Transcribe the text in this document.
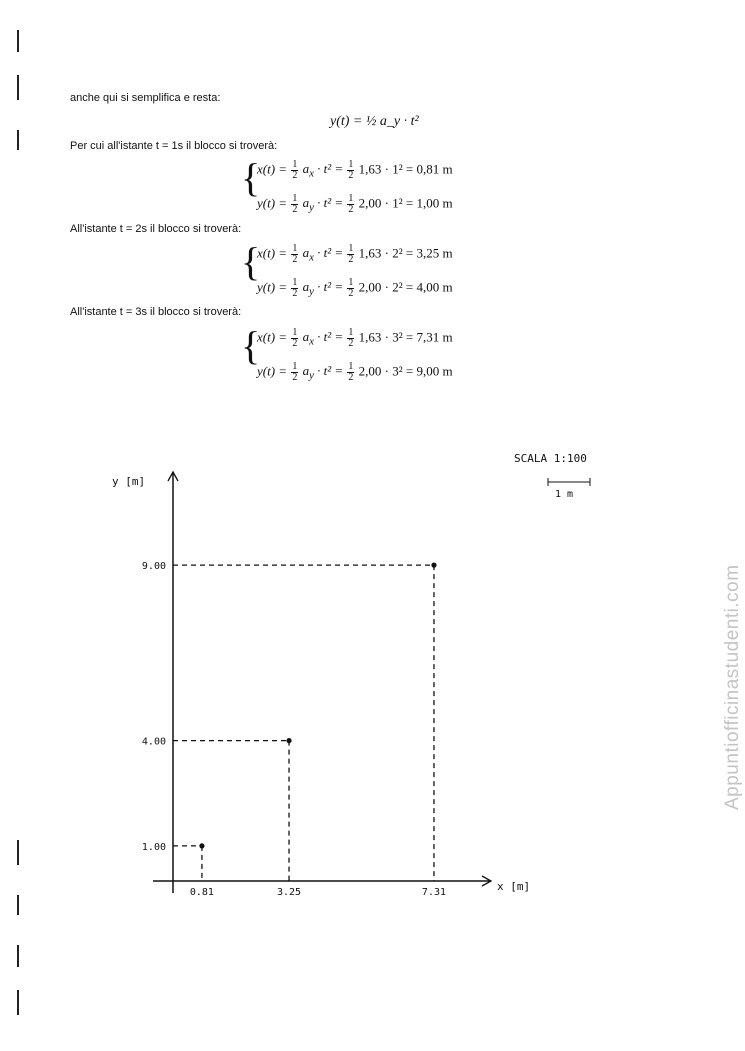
anche qui si semplifica e resta:
y(t) = ½ a_y · t²
Per cui all'istante t = 1s il blocco si troverà:
{
$x(t) = \frac{1}{2} a_x \cdot t^2 = \frac{1}{2} 1,63 \cdot 1^2 = 0,81$ m
$y(t) = \frac{1}{2} a_y \cdot t^2 = \frac{1}{2} 2,00 \cdot 1^2 = 1,00$ m
All'istante t = 2s il blocco si troverà:
{
$x(t) = \frac{1}{2} a_x \cdot t^2 = \frac{1}{2} 1,63 \cdot 2^2 = 3,25$ m
$y(t) = \frac{1}{2} a_y \cdot t^2 = \frac{1}{2} 2,00 \cdot 2^2 = 4,00$ m
All'istante t = 3s il blocco si troverà:
{
$x(t) = \frac{1}{2} a_x \cdot t^2 = \frac{1}{2} 1,63 \cdot 3^2 = 7,31$ m
$y(t) = \frac{1}{2} a_y \cdot t^2 = \frac{1}{2} 2,00 \cdot 3^2 = 9,00$ m
x [m]
y [m]
SCALA 1:100
1 m
0.81
1.00
3.25
4.00
7.31
9.00	Appuntiofficinastudenti.com
